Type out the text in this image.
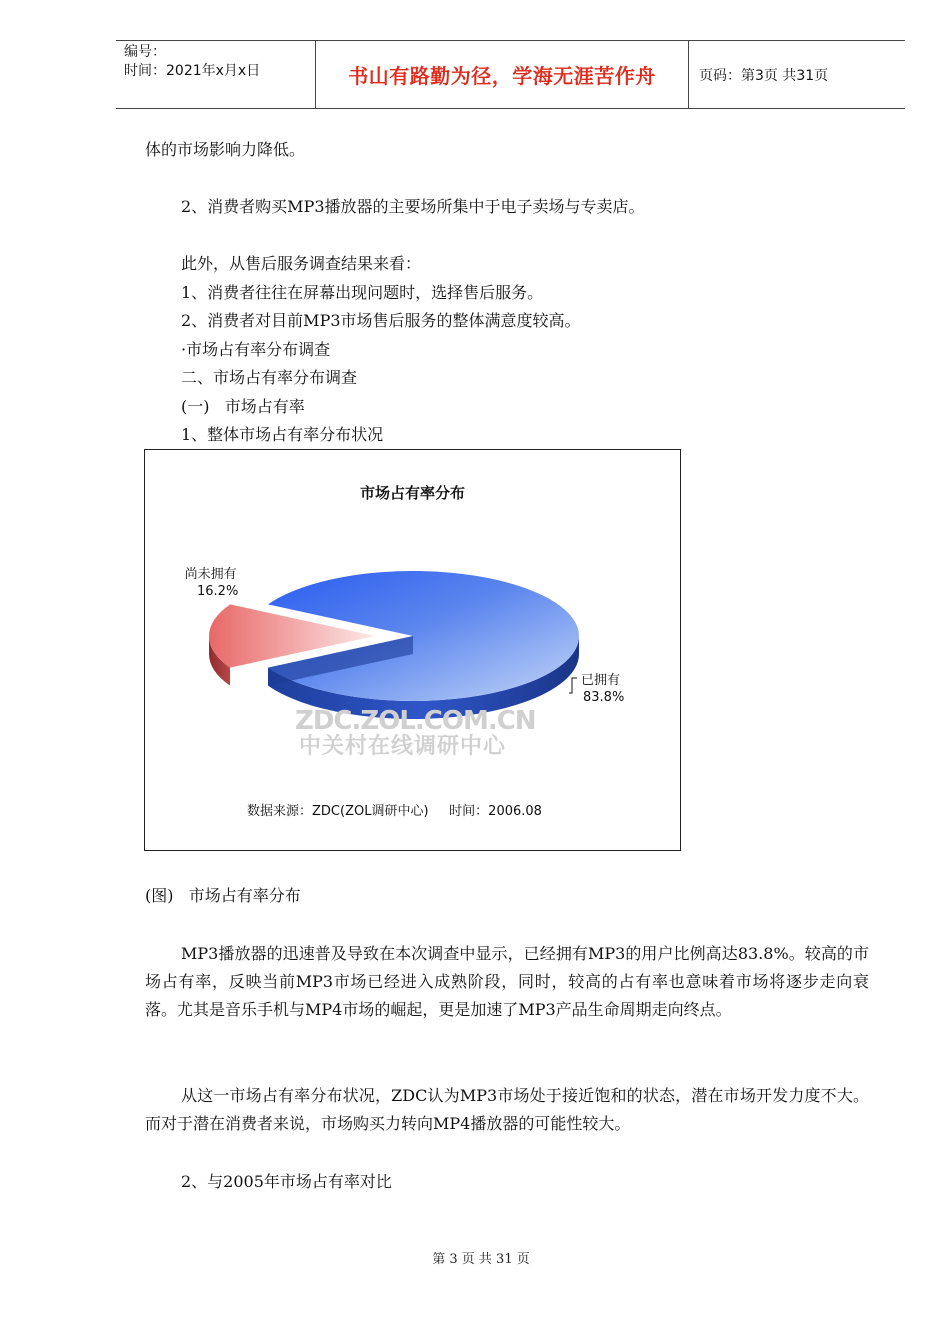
编号：
时间：2021年x月x日	书山有路勤为径，学海无涯苦作舟	页码：第3页 共31页
体的市场影响力降低。
2、消费者购买MP3播放器的主要场所集中于电子卖场与专卖店。
此外，从售后服务调查结果来看：
1、消费者往往在屏幕出现问题时，选择售后服务。
2、消费者对目前MP3市场售后服务的整体满意度较高。
·市场占有率分布调查
二、市场占有率分布调查
(一)   市场占有率
1、整体市场占有率分布状况
市场占有率分布
尚未拥有
16.2%
已拥有
83.8%
ZDC.ZOL.COM.CN
中关村在线调研中心
数据来源：ZDC(ZOL调研中心)     时间：2006.08
(图)   市场占有率分布
MP3播放器的迅速普及导致在本次调查中显示，已经拥有MP3的用户比例高达83.8%。较高的市场占有率，反映当前MP3市场已经进入成熟阶段，同时，较高的占有率也意味着市场将逐步走向衰落。尤其是音乐手机与MP4市场的崛起，更是加速了MP3产品生命周期走向终点。
从这一市场占有率分布状况，ZDC认为MP3市场处于接近饱和的状态，潜在市场开发力度不大。而对于潜在消费者来说，市场购买力转向MP4播放器的可能性较大。
2、与2005年市场占有率对比
第 3 页 共 31 页
